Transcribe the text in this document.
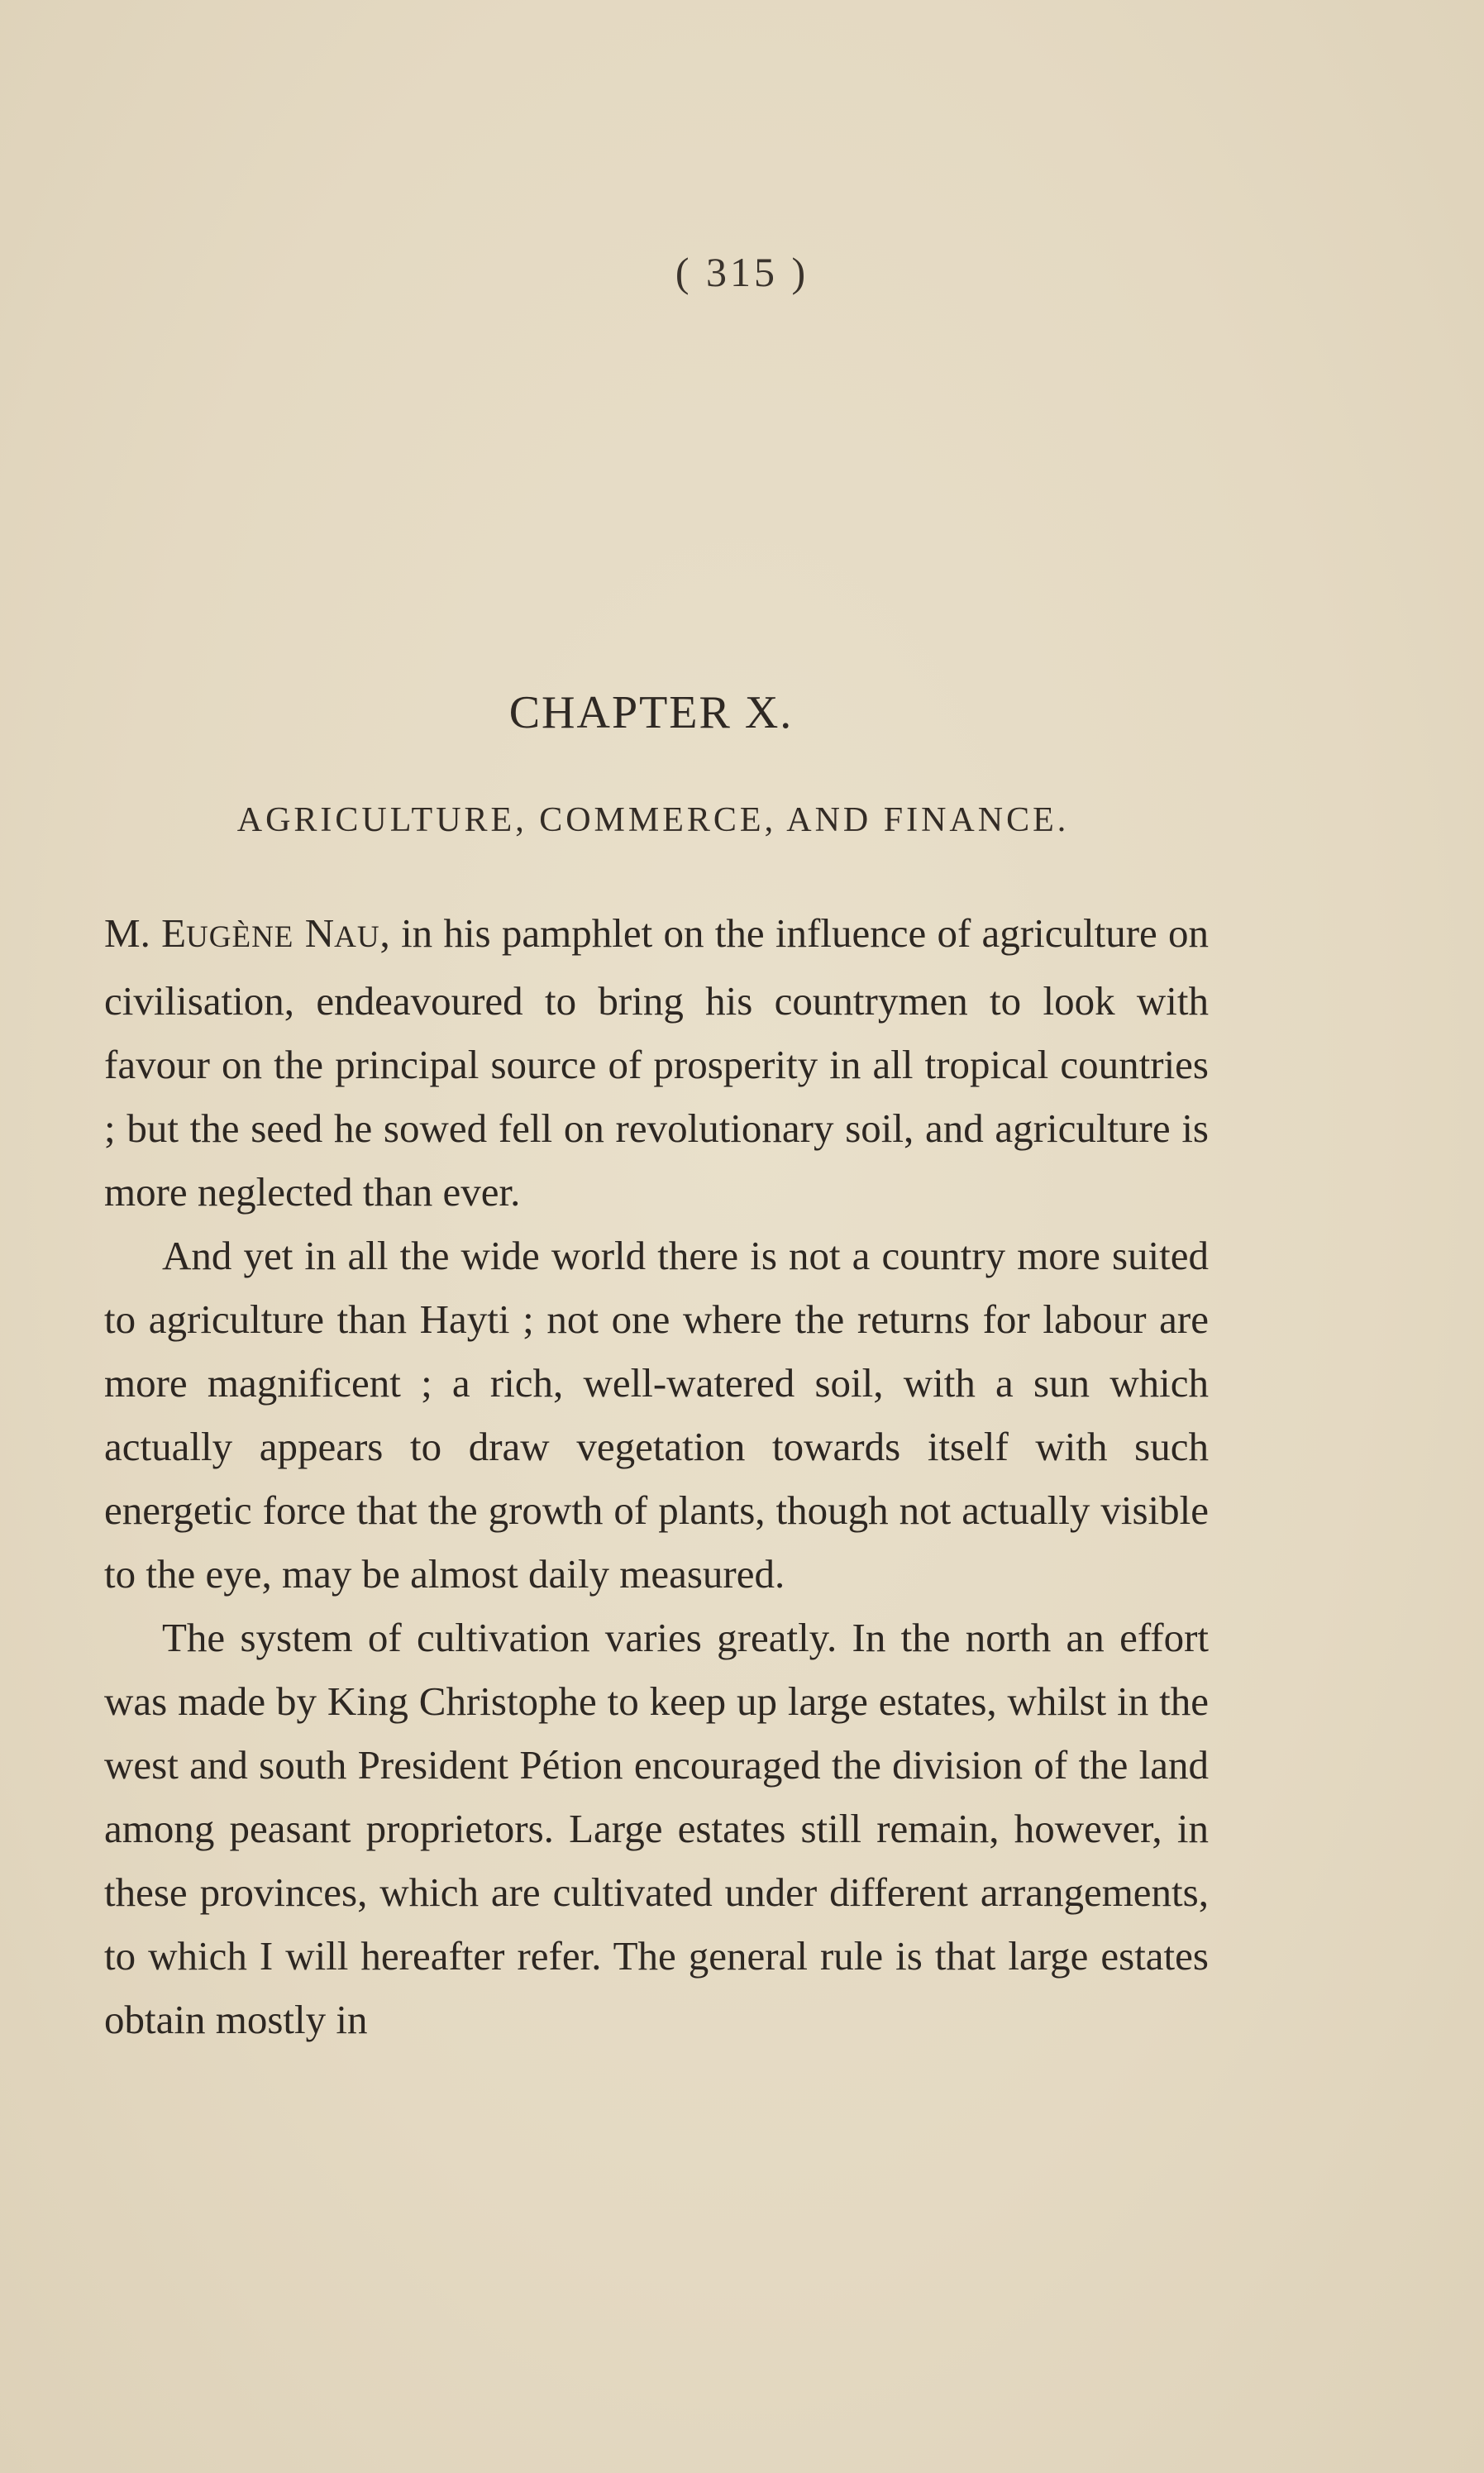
( 315 )
CHAPTER X.
AGRICULTURE, COMMERCE, AND FINANCE.

M. EUGÈNE NAU, in his pamphlet on the influence of agriculture on civilisation, endeavoured to bring his countrymen to look with favour on the principal source of prosperity in all tropical countries ; but the seed he sowed fell on revolutionary soil, and agriculture is more neglected than ever.

And yet in all the wide world there is not a country more suited to agriculture than Hayti ; not one where the returns for labour are more magnificent ; a rich, well-watered soil, with a sun which actually appears to draw vegetation towards itself with such energetic force that the growth of plants, though not actually visible to the eye, may be almost daily measured.

The system of cultivation varies greatly. In the north an effort was made by King Christophe to keep up large estates, whilst in the west and south President Pétion encouraged the division of the land among peasant proprietors. Large estates still remain, however, in these provinces, which are cultivated under different arrangements, to which I will hereafter refer. The general rule is that large estates obtain mostly in
